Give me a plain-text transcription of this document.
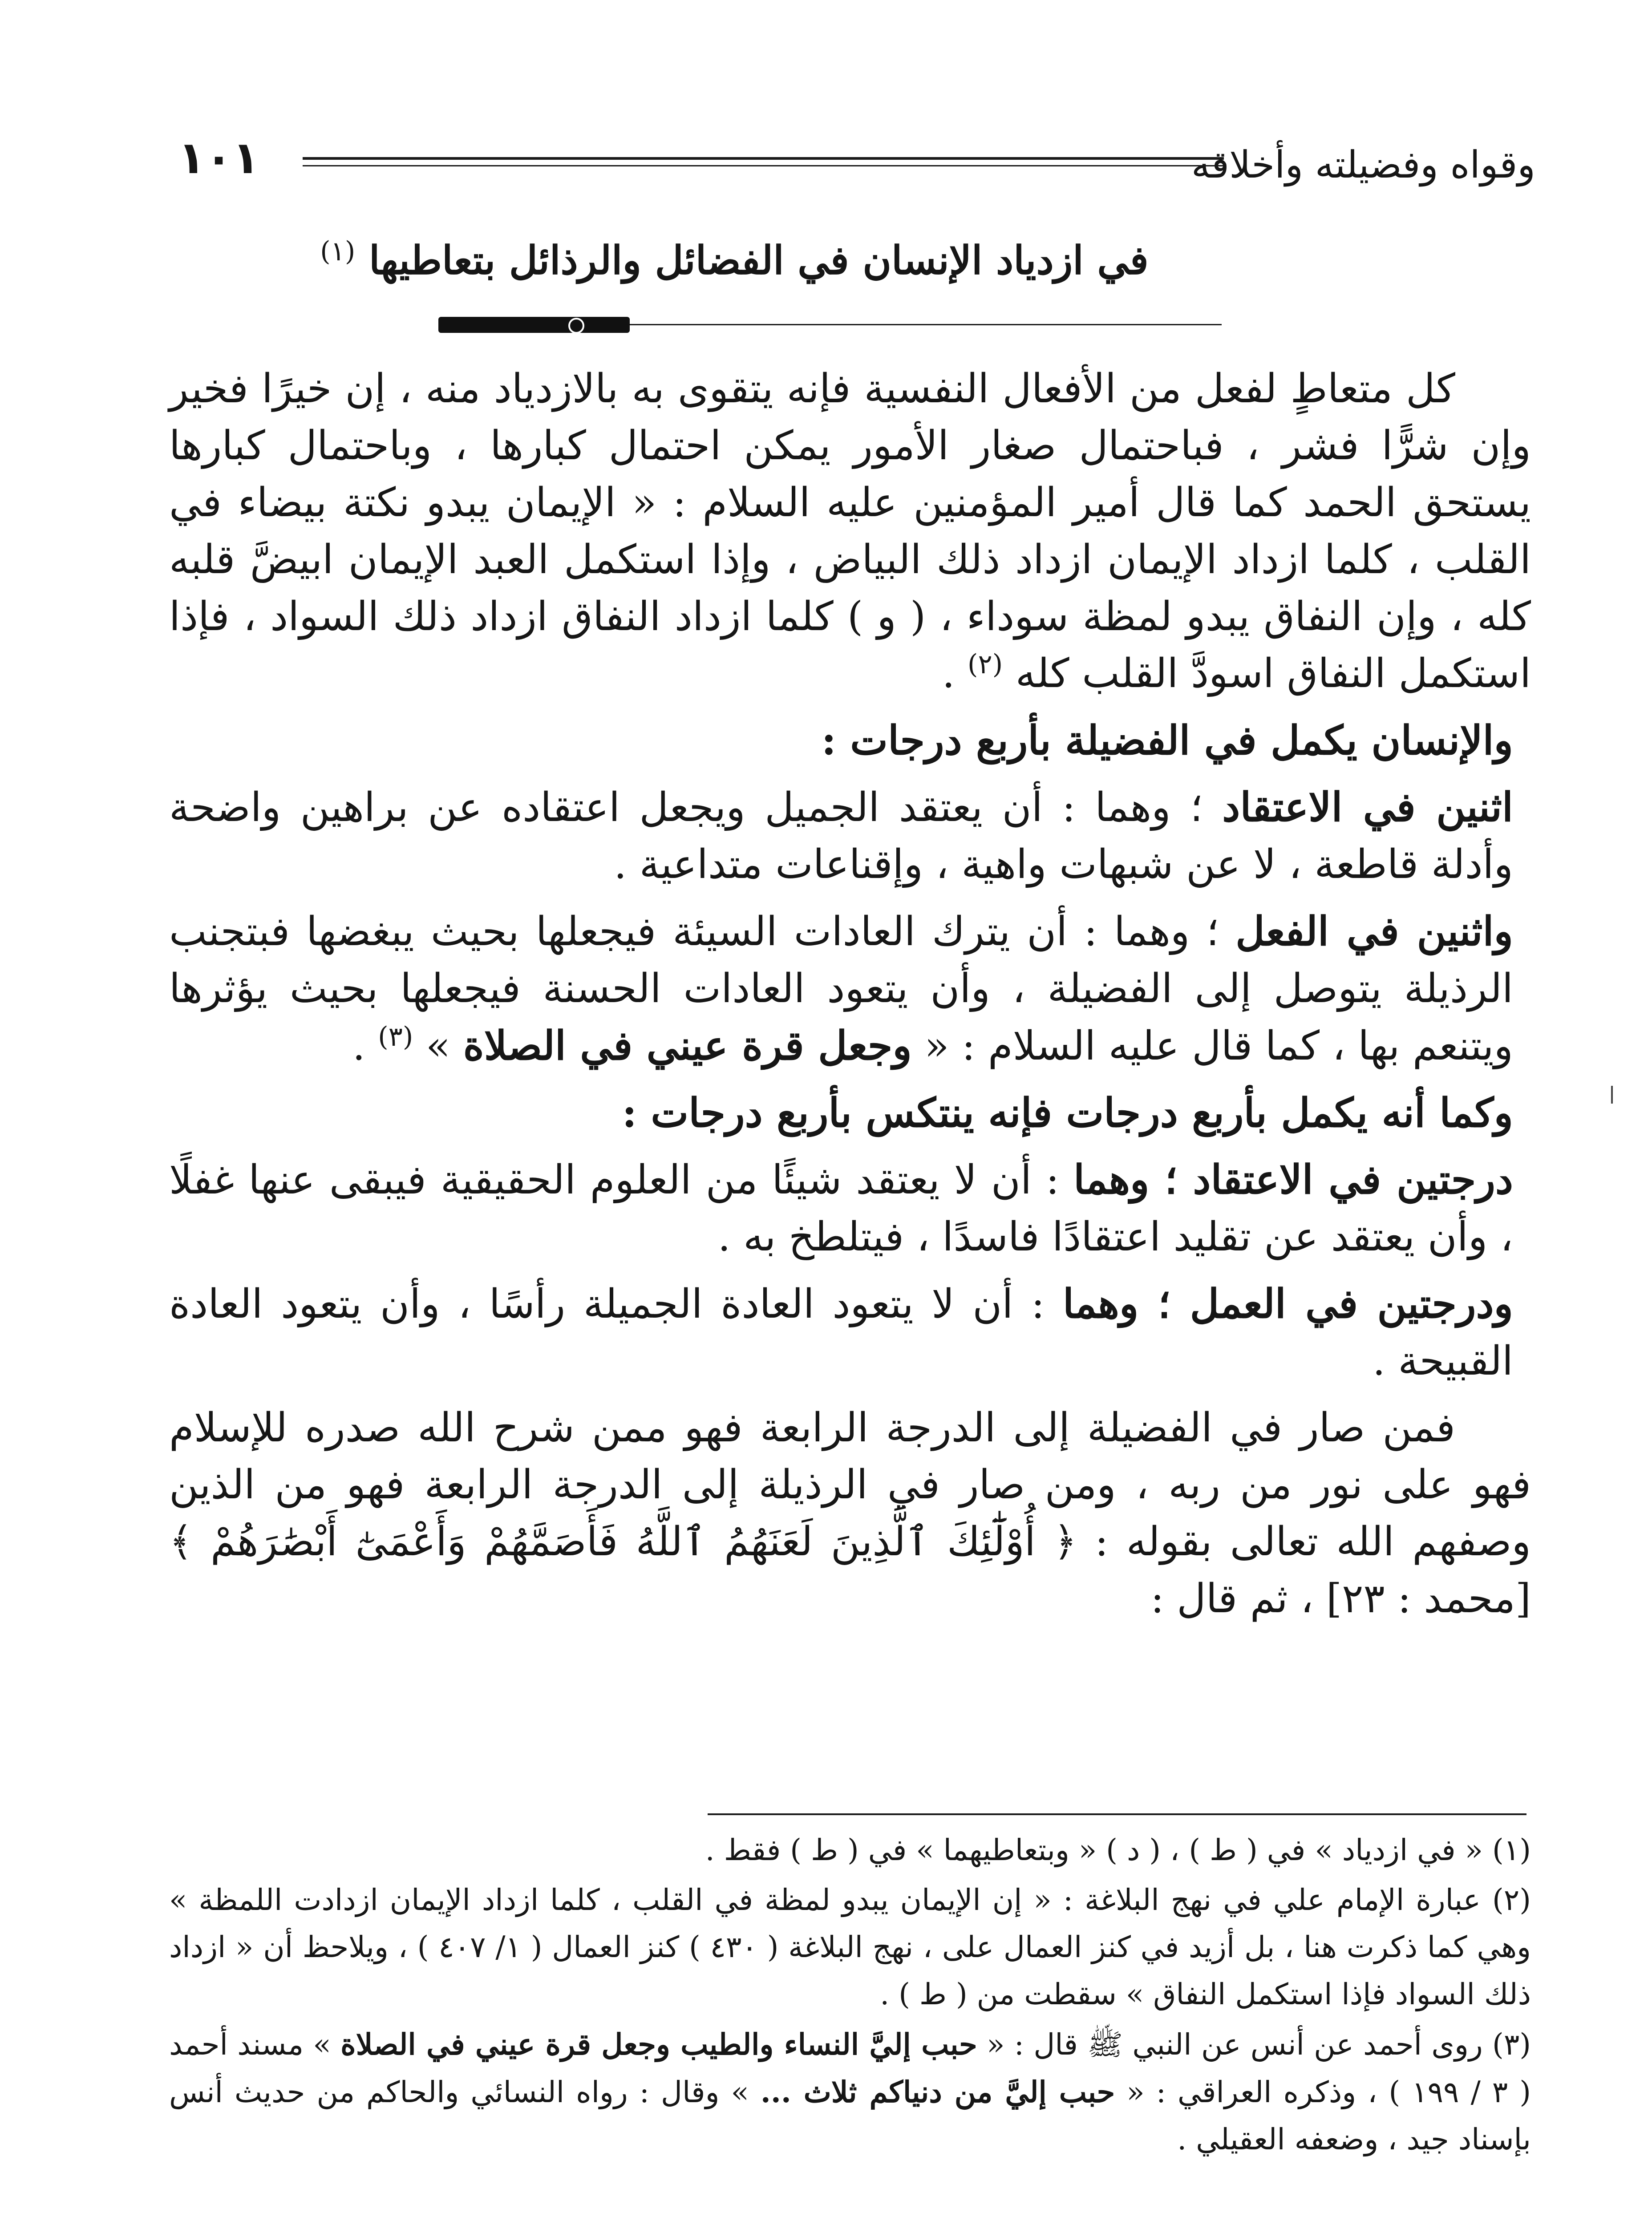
وقواه وفضيلته وأخلاقه
١٠١
في ازدياد الإنسان في الفضائل والرذائل بتعاطيها $^{(١)}$

كل متعاطٍ لفعل من الأفعال النفسية فإنه يتقوى به بالازدياد منه ، إن خيرًا فخير وإن شرًّا فشر ، فباحتمال صغار الأمور يمكن احتمال كبارها ، وباحتمال كبارها يستحق الحمد كما قال أمير المؤمنين عليه السلام : « الإيمان يبدو نكتة بيضاء في القلب ، كلما ازداد الإيمان ازداد ذلك البياض ، وإذا استكمل العبد الإيمان ابيضَّ قلبه كله ، وإن النفاق يبدو لمظة سوداء ، ( و ) كلما ازداد النفاق ازداد ذلك السواد ، فإذا استكمل النفاق اسودَّ القلب كله $^{(٢)}$ .

والإنسان يكمل في الفضيلة بأربع درجات :

اثنين في الاعتقاد ؛ وهما : أن يعتقد الجميل ويجعل اعتقاده عن براهين واضحة وأدلة قاطعة ، لا عن شبهات واهية ، وإقناعات متداعية .

واثنين في الفعل ؛ وهما : أن يترك العادات السيئة فيجعلها بحيث يبغضها فبتجنب الرذيلة يتوصل إلى الفضيلة ، وأن يتعود العادات الحسنة فيجعلها بحيث يؤثرها ويتنعم بها ، كما قال عليه السلام : « وجعل قرة عيني في الصلاة » $^{(٣)}$ .

وكما أنه يكمل بأربع درجات فإنه ينتكس بأربع درجات :

درجتين في الاعتقاد ؛ وهما : أن لا يعتقد شيئًا من العلوم الحقيقية فيبقى عنها غفلًا ، وأن يعتقد عن تقليد اعتقادًا فاسدًا ، فيتلطخ به .

ودرجتين في العمل ؛ وهما : أن لا يتعود العادة الجميلة رأسًا ، وأن يتعود العادة القبيحة .

فمن صار في الفضيلة إلى الدرجة الرابعة فهو ممن شرح الله صدره للإسلام فهو على نور من ربه ، ومن صار في الرذيلة إلى الدرجة الرابعة فهو من الذين وصفهم الله تعالى بقوله : ﴿ أُوْلَٰٓئِكَ ٱلَّذِينَ لَعَنَهُمُ ٱللَّهُ فَأَصَمَّهُمْ وَأَعْمَىٰٓ أَبْصَٰرَهُمْ ﴾ [محمد : ٢٣] ، ثم قال :

(١) « في ازدياد » في ( ط ) ، ( د ) « وبتعاطيهما » في ( ط ) فقط .

(٢) عبارة الإمام علي في نهج البلاغة : « إن الإيمان يبدو لمظة في القلب ، كلما ازداد الإيمان ازدادت اللمظة » وهي كما ذكرت هنا ، بل أزيد في كنز العمال على ، نهج البلاغة ( ٤٣٠ ) كنز العمال ( ١/ ٤٠٧ ) ، ويلاحظ أن « ازداد ذلك السواد فإذا استكمل النفاق » سقطت من ( ط ) .

(٣) روى أحمد عن أنس عن النبي ﷺ قال : « حبب إليَّ النساء والطيب وجعل قرة عيني في الصلاة » مسند أحمد ( ٣ / ١٩٩ ) ، وذكره العراقي : « حبب إليَّ من دنياكم ثلاث ... » وقال : رواه النسائي والحاكم من حديث أنس بإسناد جيد ، وضعفه العقيلي .
